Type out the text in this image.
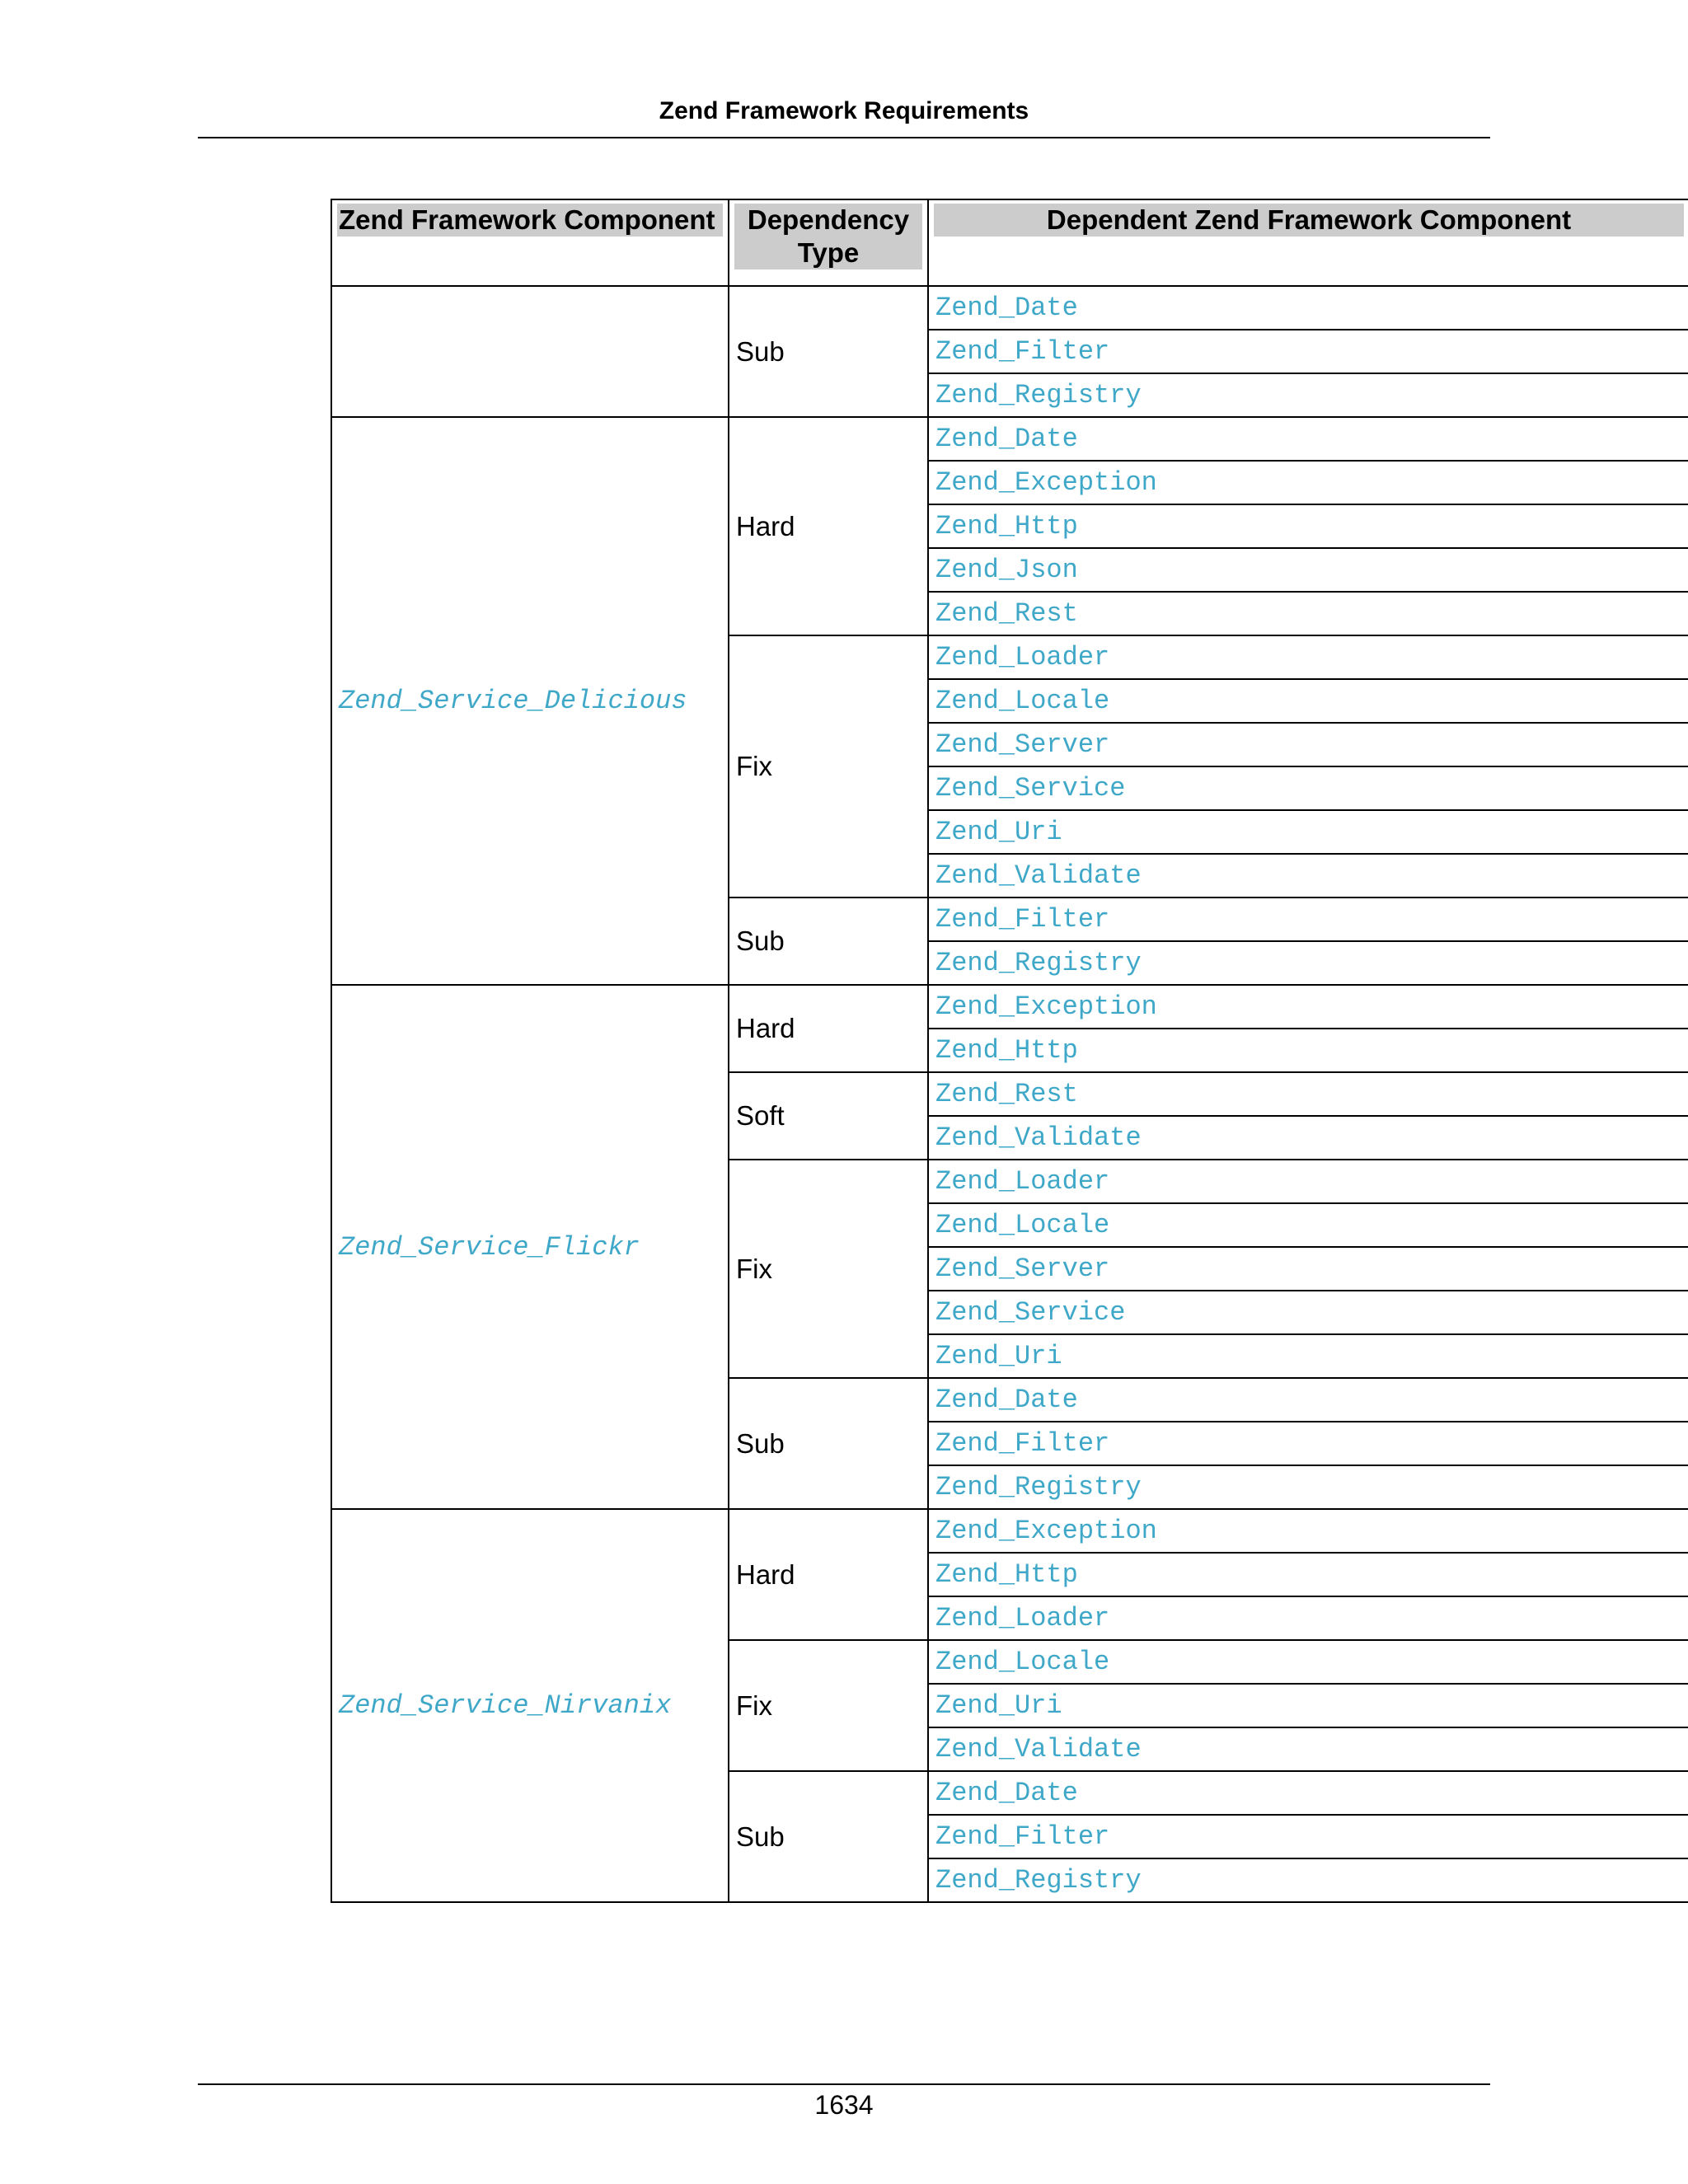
Zend Framework Requirements
Zend Framework Component	Dependency Type	Dependent Zend Framework Component

	Sub	Zend_Date
		Zend_Filter
		Zend_Registry
Zend_Service_Delicious	Hard	Zend_Date
		Zend_Exception
		Zend_Http
		Zend_Json
		Zend_Rest
	Fix	Zend_Loader
		Zend_Locale
		Zend_Server
		Zend_Service
		Zend_Uri
		Zend_Validate
	Sub	Zend_Filter
		Zend_Registry
Zend_Service_Flickr	Hard	Zend_Exception
		Zend_Http
	Soft	Zend_Rest
		Zend_Validate
	Fix	Zend_Loader
		Zend_Locale
		Zend_Server
		Zend_Service
		Zend_Uri
	Sub	Zend_Date
		Zend_Filter
		Zend_Registry
Zend_Service_Nirvanix	Hard	Zend_Exception
		Zend_Http
		Zend_Loader
	Fix	Zend_Locale
		Zend_Uri
		Zend_Validate
	Sub	Zend_Date
		Zend_Filter
		Zend_Registry
1634
